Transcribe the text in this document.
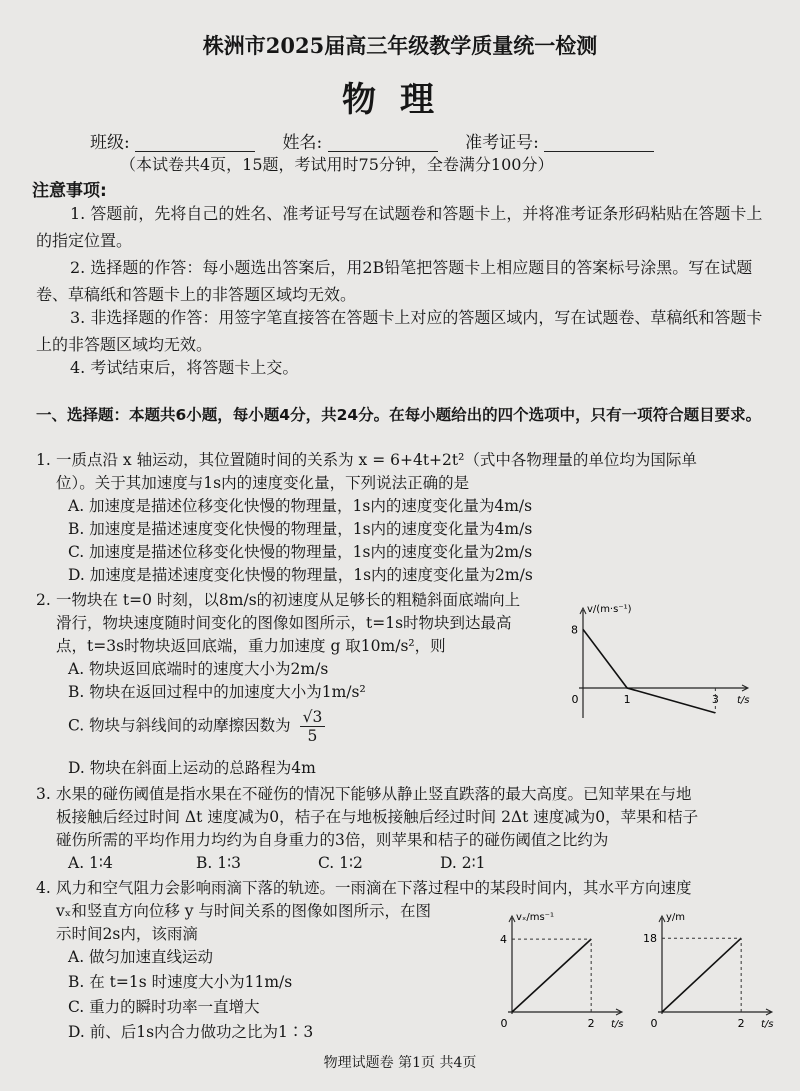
株洲市2025届高三年级教学质量统一检测
物理
班级:	姓名:	准考证号:
（本试卷共4页，15题，考试用时75分钟，全卷满分100分）
注意事项:
1. 答题前，先将自己的姓名、准考证号写在试题卷和答题卡上，并将准考证条形码粘贴在答题卡上的指定位置。
2. 选择题的作答：每小题选出答案后，用2B铅笔把答题卡上相应题目的答案标号涂黑。写在试题卷、草稿纸和答题卡上的非答题区域均无效。
3. 非选择题的作答：用签字笔直接答在答题卡上对应的答题区域内，写在试题卷、草稿纸和答题卡上的非答题区域均无效。
4. 考试结束后，将答题卡上交。
一、选择题：本题共6小题，每小题4分，共24分。在每小题给出的四个选项中，只有一项符合题目要求。
1. 一质点沿 x 轴运动，其位置随时间的关系为 x = 6+4t+2t²（式中各物理量的单位均为国际单
位）。关于其加速度与1s内的速度变化量，下列说法正确的是
A. 加速度是描述位移变化快慢的物理量，1s内的速度变化量为4m/s
B. 加速度是描述速度变化快慢的物理量，1s内的速度变化量为4m/s
C. 加速度是描述位移变化快慢的物理量，1s内的速度变化量为2m/s
D. 加速度是描述速度变化快慢的物理量，1s内的速度变化量为2m/s
2. 一物块在 t=0 时刻，以8m/s的初速度从足够长的粗糙斜面底端向上
滑行，物块速度随时间变化的图像如图所示，t=1s时物块到达最高
点，t=3s时物块返回底端，重力加速度 g 取10m/s²，则
A. 物块返回底端时的速度大小为2m/s
B. 物块在返回过程中的加速度大小为1m/s²
C. 物块与斜线间的动摩擦因数为 $\frac{√3}{5}$
D. 物块在斜面上运动的总路程为4m
v/(m·s⁻¹)
t/s
8
0	1	3
3. 水果的碰伤阈值是指水果在不碰伤的情况下能够从静止竖直跌落的最大高度。已知苹果在与地
板接触后经过时间 Δt 速度减为0，桔子在与地板接触后经过时间 2Δt 速度减为0，苹果和桔子
碰伤所需的平均作用力均约为自身重力的3倍，则苹果和桔子的碰伤阈值之比约为
A. 1∶4	B. 1∶3	C. 1∶2	D. 2∶1
4. 风力和空气阻力会影响雨滴下落的轨迹。一雨滴在下落过程中的某段时间内，其水平方向速度
vₓ和竖直方向位移 y 与时间关系的图像如图所示，在图
示时间2s内，该雨滴
A. 做匀加速直线运动
B. 在 t=1s 时速度大小为11m/s
C. 重力的瞬时功率一直增大
D. 前、后1s内合力做功之比为1∶3
vₓ/ms⁻¹
t/s
4
0	2
y/m
t/s
18
0	2
物理试题卷 第1页 共4页
